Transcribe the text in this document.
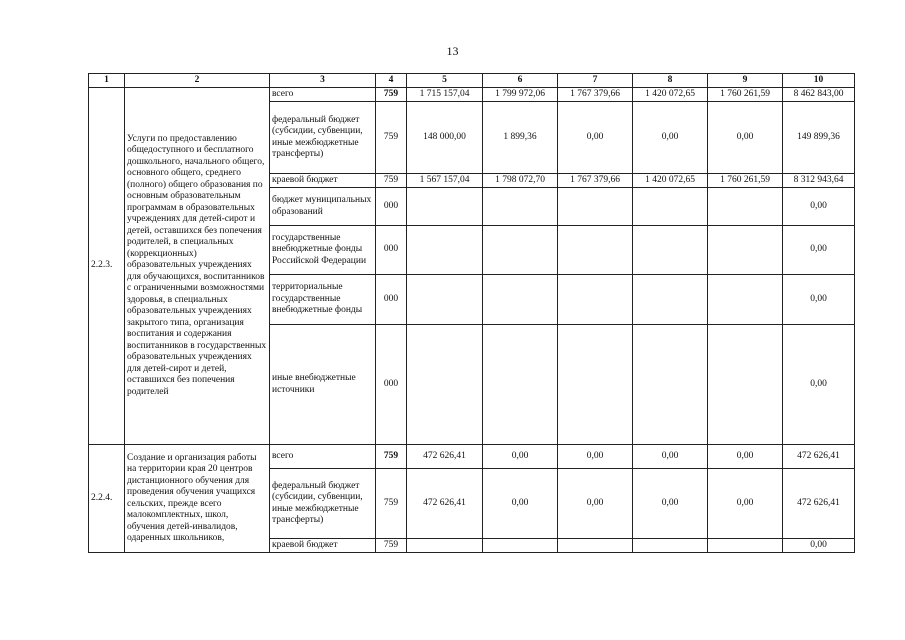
13
1	2	3	4	5	6	7	8	9	10
2.2.3.	Услуги по предоставлению общедоступного и бесплатного дошкольного, начального общего, основного общего, среднего (полного) общего образования по основным образовательным программам в образовательных учреждениях для детей-сирот и детей, оставшихся без попечения родителей, в специальных (коррекционных) образовательных учреждениях для обучающихся, воспитанников с ограниченными возможностями здоровья, в специальных образовательных учреждениях закрытого типа, организация воспитания и содержания воспитанников в государственных образовательных учреждениях для детей-сирот и детей, оставшихся без попечения родителей	всего	759	1 715 157,04	1 799 972,06	1 767 379,66	1 420 072,65	1 760 261,59	8 462 843,00
		федеральный бюджет (субсидии, субвенции, иные межбюджетные трансферты)	759	148 000,00	1 899,36	0,00	0,00	0,00	149 899,36
		краевой бюджет	759	1 567 157,04	1 798 072,70	1 767 379,66	1 420 072,65	1 760 261,59	8 312 943,64
		бюджет муниципальных образований	000						0,00
		государственные внебюджетные фонды Российской Федерации	000						0,00
		территориальные государственные внебюджетные фонды	000						0,00
		иные внебюджетные источники	000						0,00
2.2.4.	Создание и организация работы на территории края 20 центров дистанционного обучения для проведения обучения учащихся сельских, прежде всего малокомплектных, школ, обучения детей-инвалидов, одаренных школьников,	всего	759	472 626,41	0,00	0,00	0,00	0,00	472 626,41
		федеральный бюджет (субсидии, субвенции, иные межбюджетные трансферты)	759	472 626,41	0,00	0,00	0,00	0,00	472 626,41
		краевой бюджет	759						0,00
